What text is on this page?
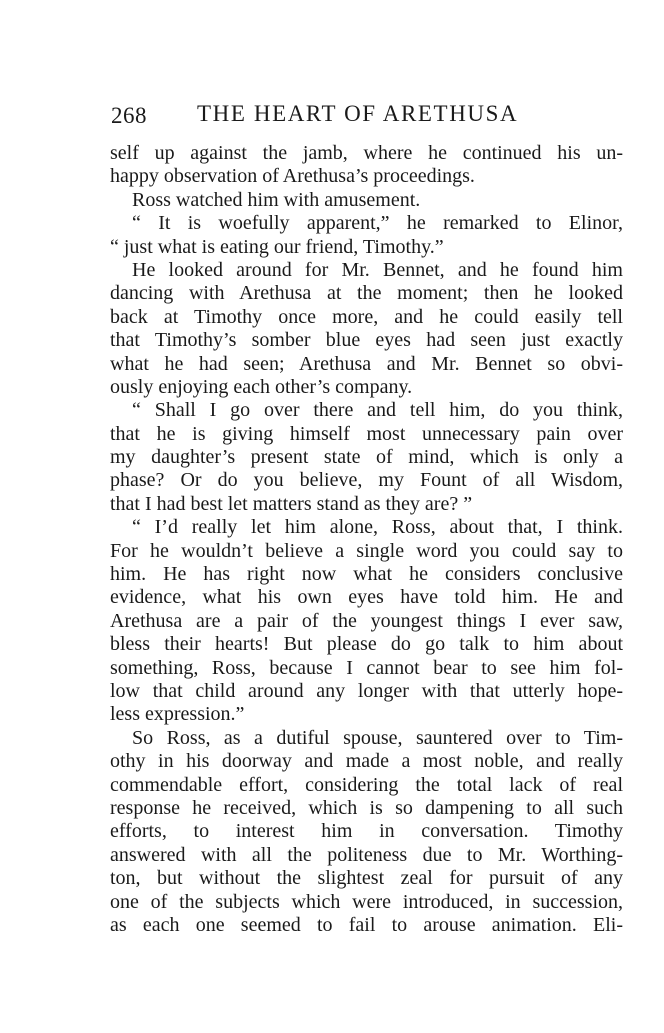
268 THE HEART OF ARETHUSA
self up against the jamb, where he continued his un-
happy observation of Arethusa’s proceedings.
Ross watched him with amusement.
“ It is woefully apparent,” he remarked to Elinor,
“ just what is eating our friend, Timothy.”
He looked around for Mr. Bennet, and he found him
dancing with Arethusa at the moment; then he looked
back at Timothy once more, and he could easily tell
that Timothy’s somber blue eyes had seen just exactly
what he had seen; Arethusa and Mr. Bennet so obvi-
ously enjoying each other’s company.
“ Shall I go over there and tell him, do you think,
that he is giving himself most unnecessary pain over
my daughter’s present state of mind, which is only a
phase? Or do you believe, my Fount of all Wisdom,
that I had best let matters stand as they are? ”
“ I’d really let him alone, Ross, about that, I think.
For he wouldn’t believe a single word you could say to
him. He has right now what he considers conclusive
evidence, what his own eyes have told him. He and
Arethusa are a pair of the youngest things I ever saw,
bless their hearts! But please do go talk to him about
something, Ross, because I cannot bear to see him fol-
low that child around any longer with that utterly hope-
less expression.”
So Ross, as a dutiful spouse, sauntered over to Tim-
othy in his doorway and made a most noble, and really
commendable effort, considering the total lack of real
response he received, which is so dampening to all such
efforts, to interest him in conversation. Timothy
answered with all the politeness due to Mr. Worthing-
ton, but without the slightest zeal for pursuit of any
one of the subjects which were introduced, in succession,
as each one seemed to fail to arouse animation. Eli-
